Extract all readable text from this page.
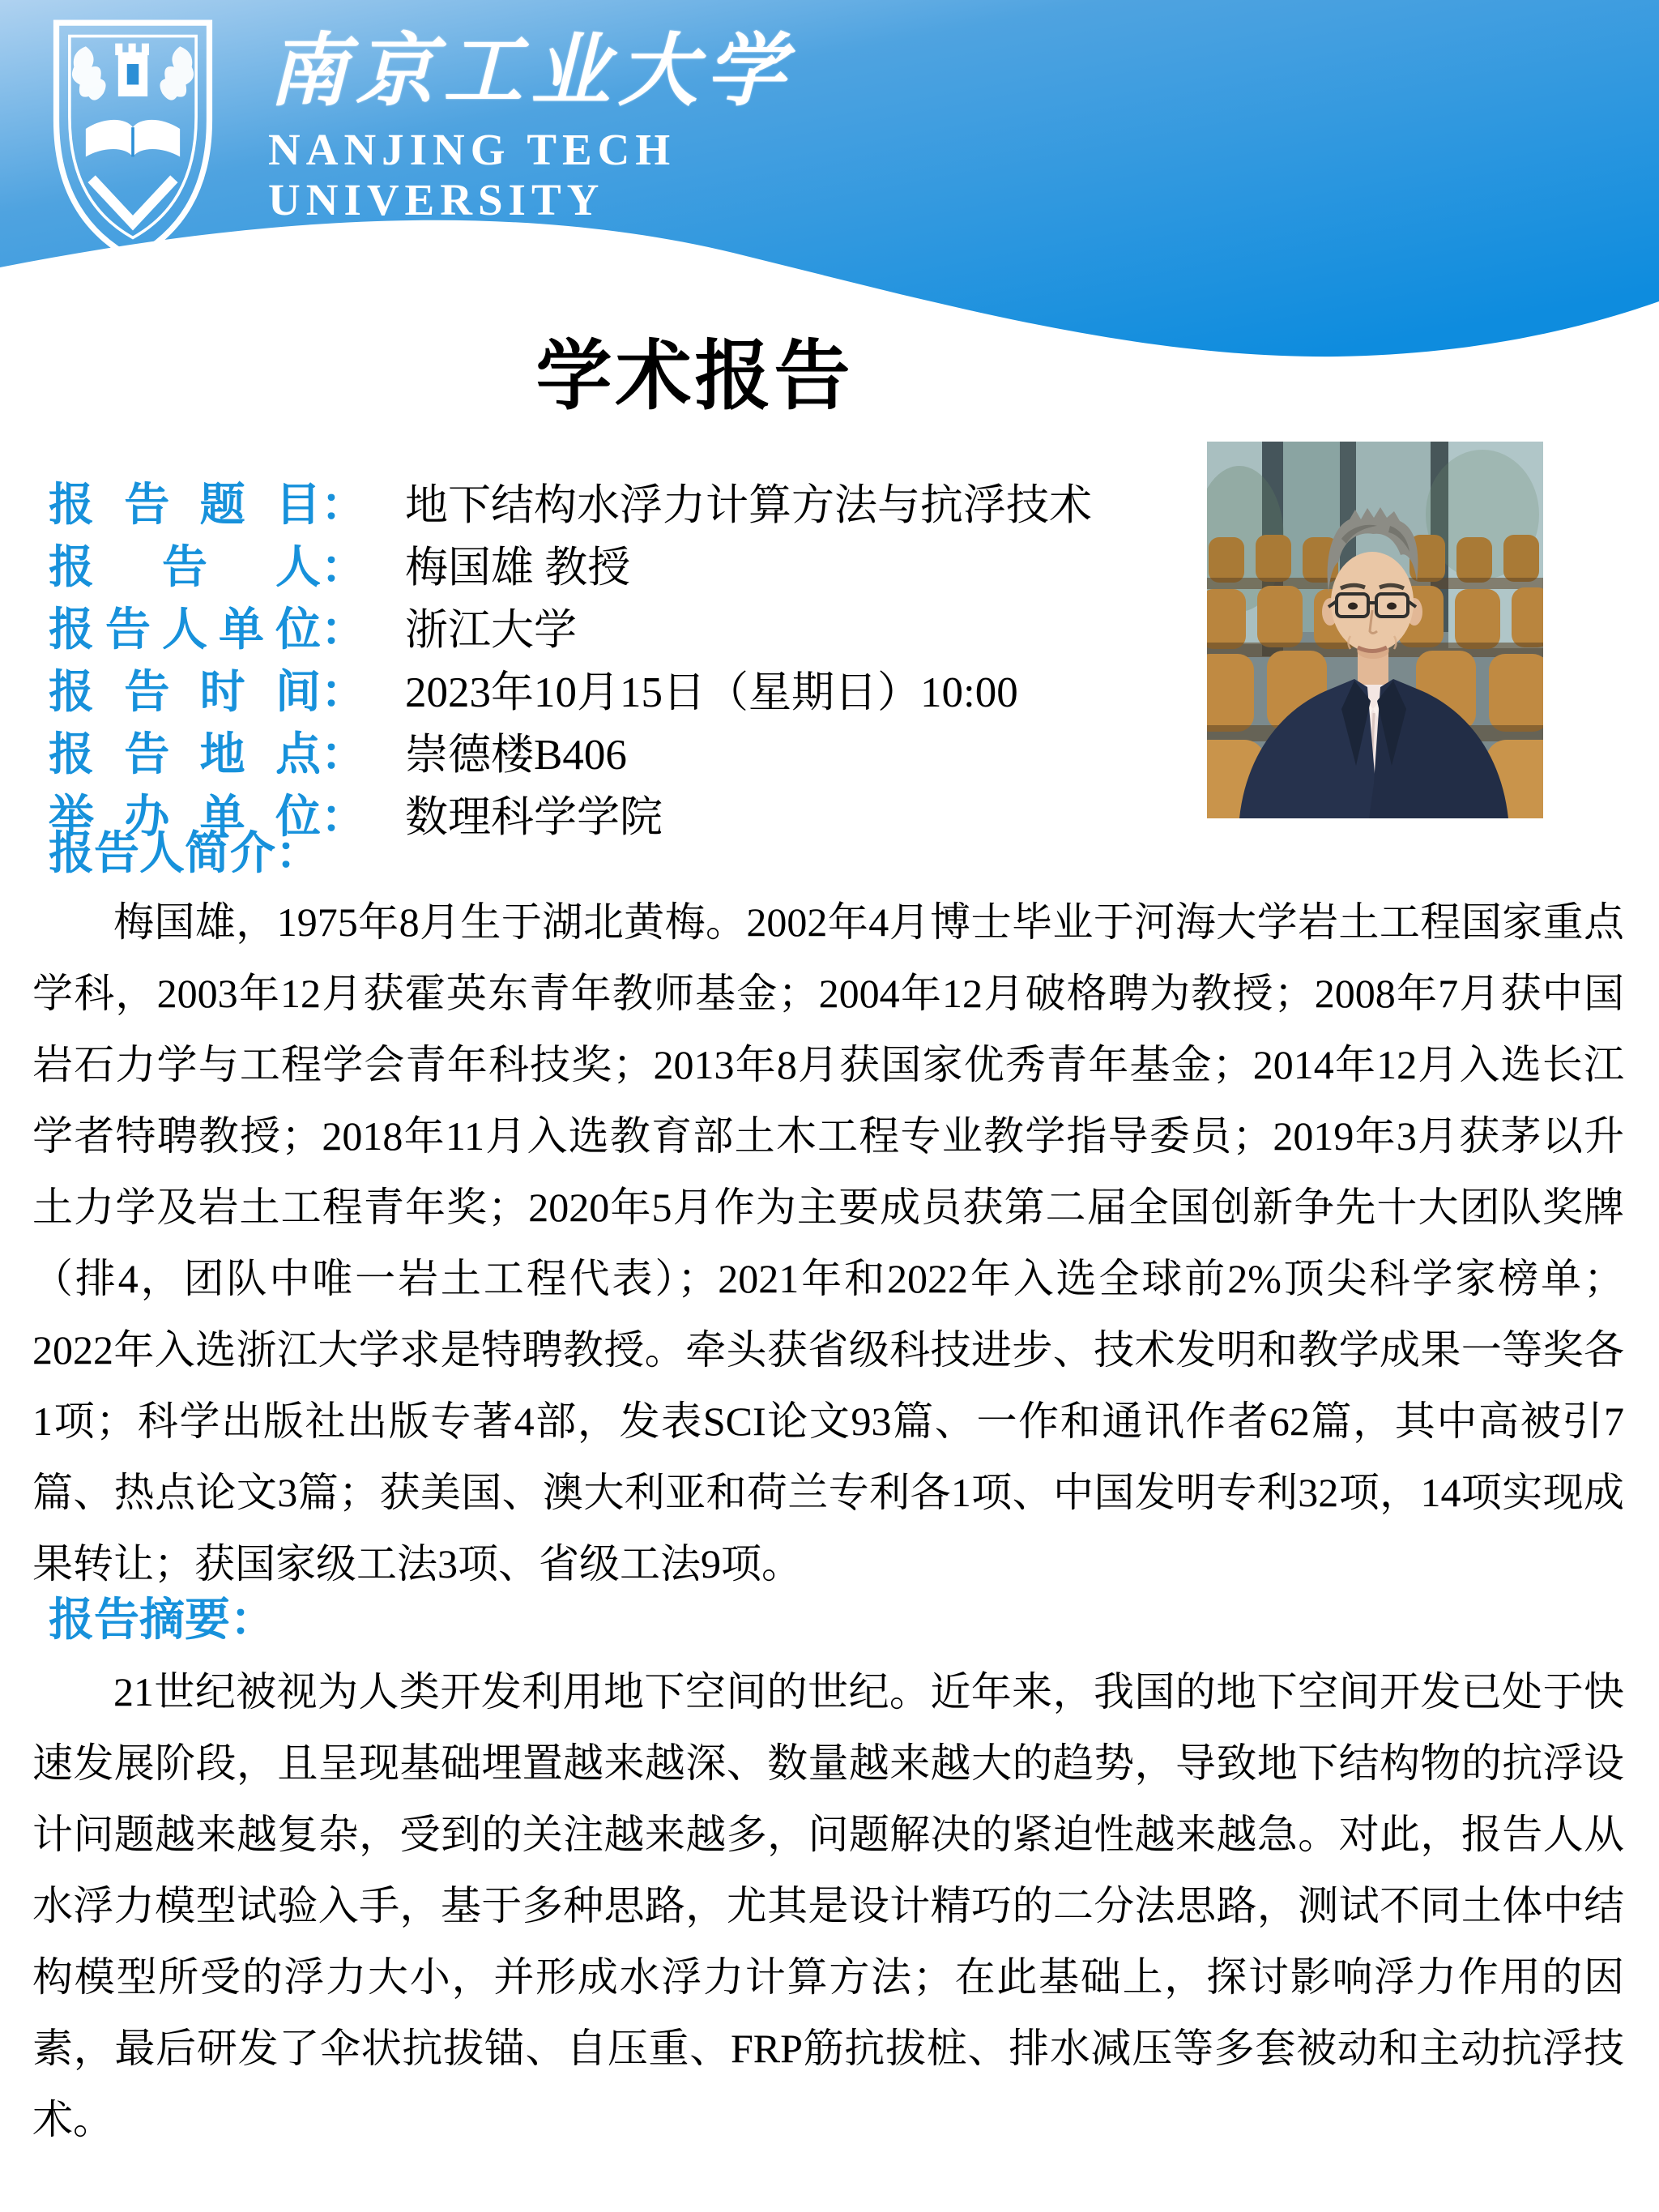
南京工业大学
NANJING TECH
UNIVERSITY
学术报告
报告题目： 地下结构水浮力计算方法与抗浮技术
报告人： 梅国雄 教授
报告人单位： 浙江大学
报告时间： 2023年10月15日（星期日）10:00
报告地点： 崇德楼B406
举办单位： 数理科学学院
报告人简介：

梅国雄，1975年8月生于湖北黄梅。2002年4月博士毕业于河海大学岩土工程国家重点学科，2003年12月获霍英东青年教师基金；2004年12月破格聘为教授；2008年7月获中国岩石力学与工程学会青年科技奖；2013年8月获国家优秀青年基金；2014年12月入选长江学者特聘教授；2018年11月入选教育部土木工程专业教学指导委员；2019年3月获茅以升土力学及岩土工程青年奖；2020年5月作为主要成员获第二届全国创新争先十大团队奖牌（排4，团队中唯一岩土工程代表）；2021年和2022年入选全球前2%顶尖科学家榜单；2022年入选浙江大学求是特聘教授。牵头获省级科技进步、技术发明和教学成果一等奖各1项；科学出版社出版专著4部，发表SCI论文93篇、一作和通讯作者62篇，其中高被引7篇、热点论文3篇；获美国、澳大利亚和荷兰专利各1项、中国发明专利32项，14项实现成果转让；获国家级工法3项、省级工法9项。

报告摘要：

21世纪被视为人类开发利用地下空间的世纪。近年来，我国的地下空间开发已处于快速发展阶段，且呈现基础埋置越来越深、数量越来越大的趋势，导致地下结构物的抗浮设计问题越来越复杂，受到的关注越来越多，问题解决的紧迫性越来越急。对此，报告人从水浮力模型试验入手，基于多种思路，尤其是设计精巧的二分法思路，测试不同土体中结构模型所受的浮力大小，并形成水浮力计算方法；在此基础上，探讨影响浮力作用的因素，最后研发了伞状抗拔锚、自压重、FRP筋抗拔桩、排水减压等多套被动和主动抗浮技术。
